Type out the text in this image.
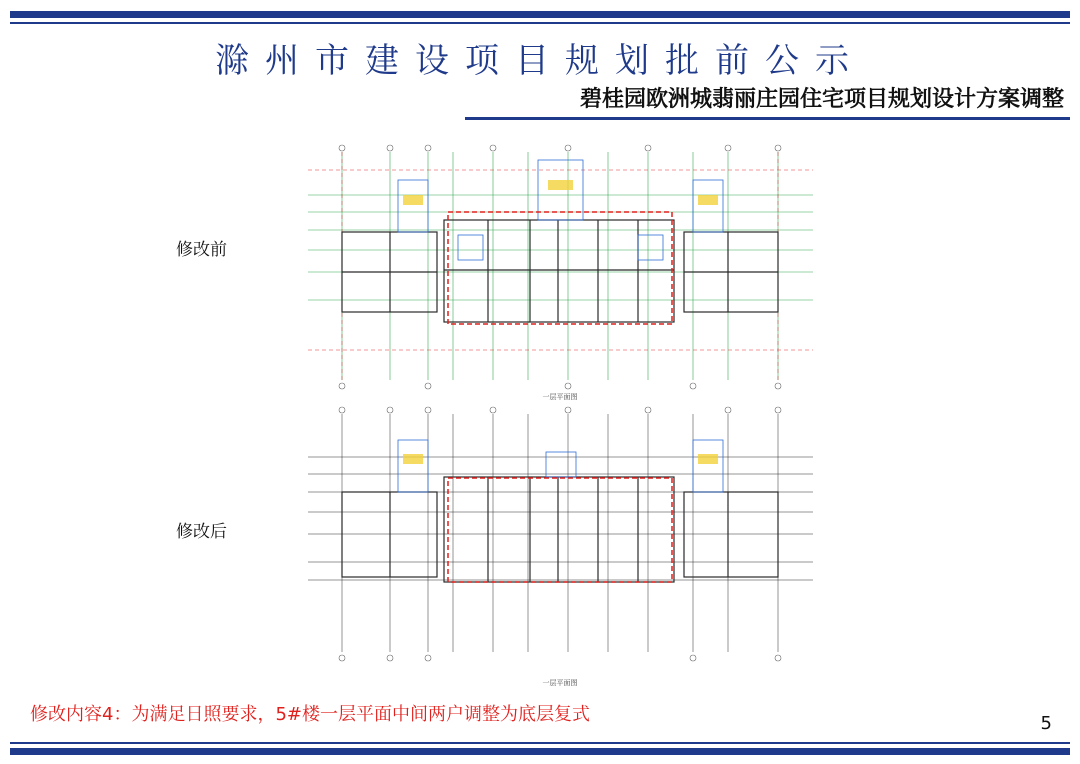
滁州市建设项目规划批前公示
碧桂园欧洲城翡丽庄园住宅项目规划设计方案调整
修改前
一层平面图
修改后
一层平面图
修改内容4：为满足日照要求，5#楼一层平面中间两户调整为底层复式	5
